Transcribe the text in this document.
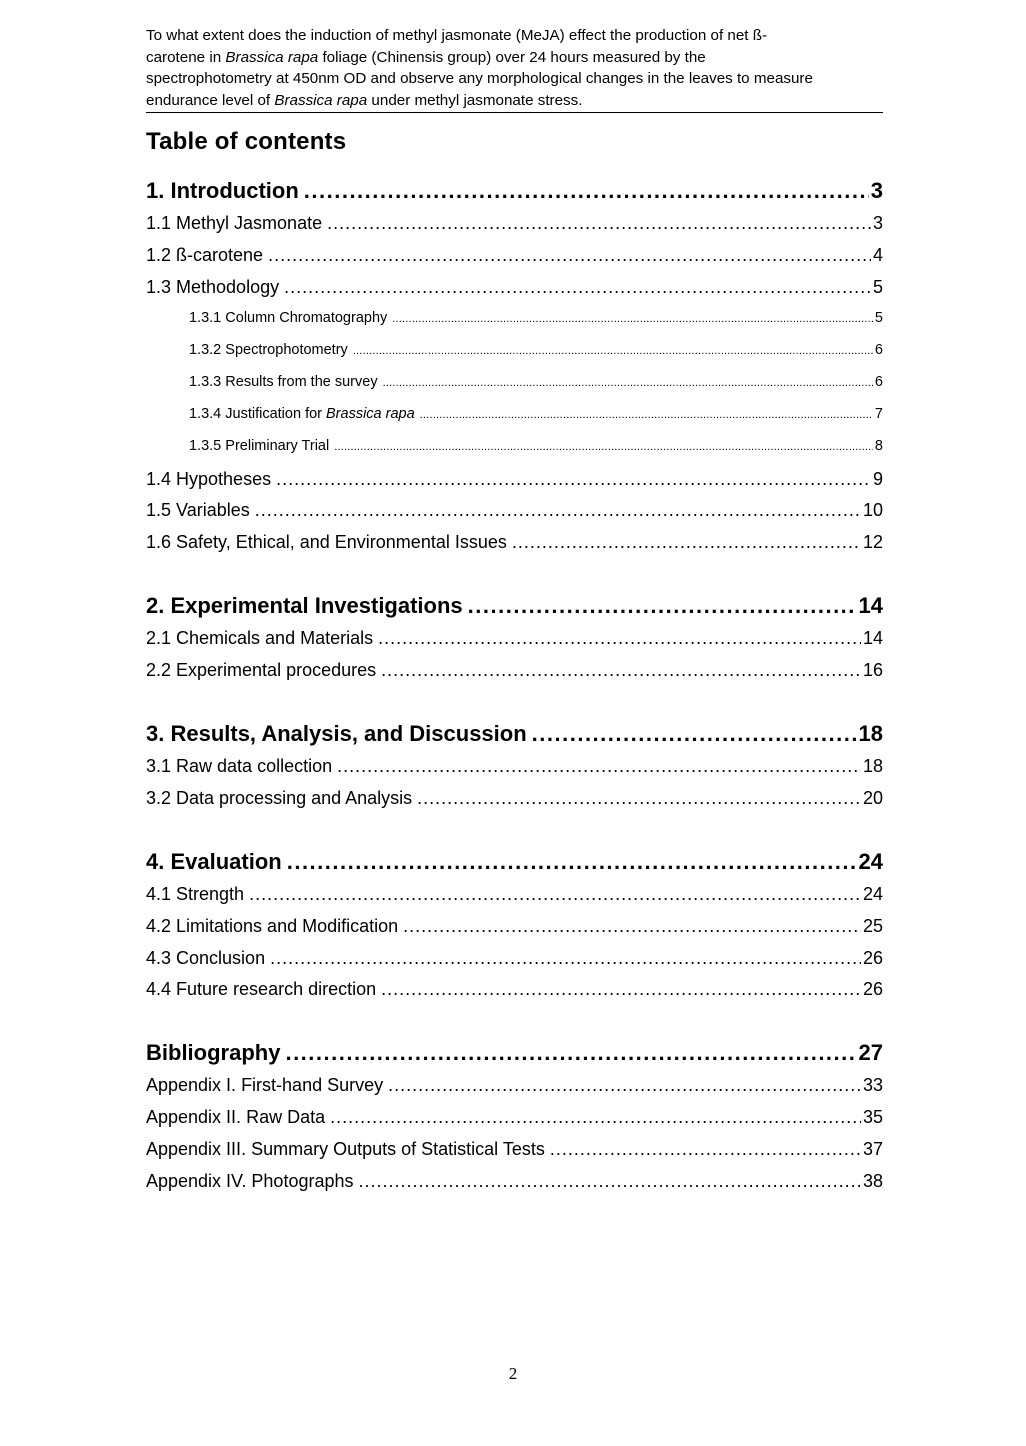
To what extent does the induction of methyl jasmonate (MeJA) effect the production of net ß-

carotene in Brassica rapa foliage (Chinensis group) over 24 hours measured by the

spectrophotometry at 450nm OD and observe any morphological changes in the leaves to measure

endurance level of Brassica rapa under methyl jasmonate stress.

Table of contents
1. Introduction .....	3
1.1 Methyl Jasmonate .....	3
1.2 ß-carotene .....	4
1.3 Methodology .....	5
1.3.1 Column Chromatography .....	5
1.3.2 Spectrophotometry .....	6
1.3.3 Results from the survey .....	6
1.3.4 Justification for Brassica rapa .....	7
1.3.5 Preliminary Trial .....	8
1.4 Hypotheses .....	9
1.5 Variables .....	10
1.6 Safety, Ethical, and Environmental Issues .....	12
2. Experimental Investigations .....	14
2.1 Chemicals and Materials .....	14
2.2 Experimental procedures .....	16
3. Results, Analysis, and Discussion .....	18
3.1 Raw data collection .....	18
3.2 Data processing and Analysis .....	20
4. Evaluation .....	24
4.1 Strength .....	24
4.2 Limitations and Modification .....	25
4.3 Conclusion .....	26
4.4 Future research direction .....	26
Bibliography .....	27
Appendix I. First-hand Survey .....	33
Appendix II. Raw Data .....	35
Appendix III. Summary Outputs of Statistical Tests .....	37
Appendix IV. Photographs .....	38
2
